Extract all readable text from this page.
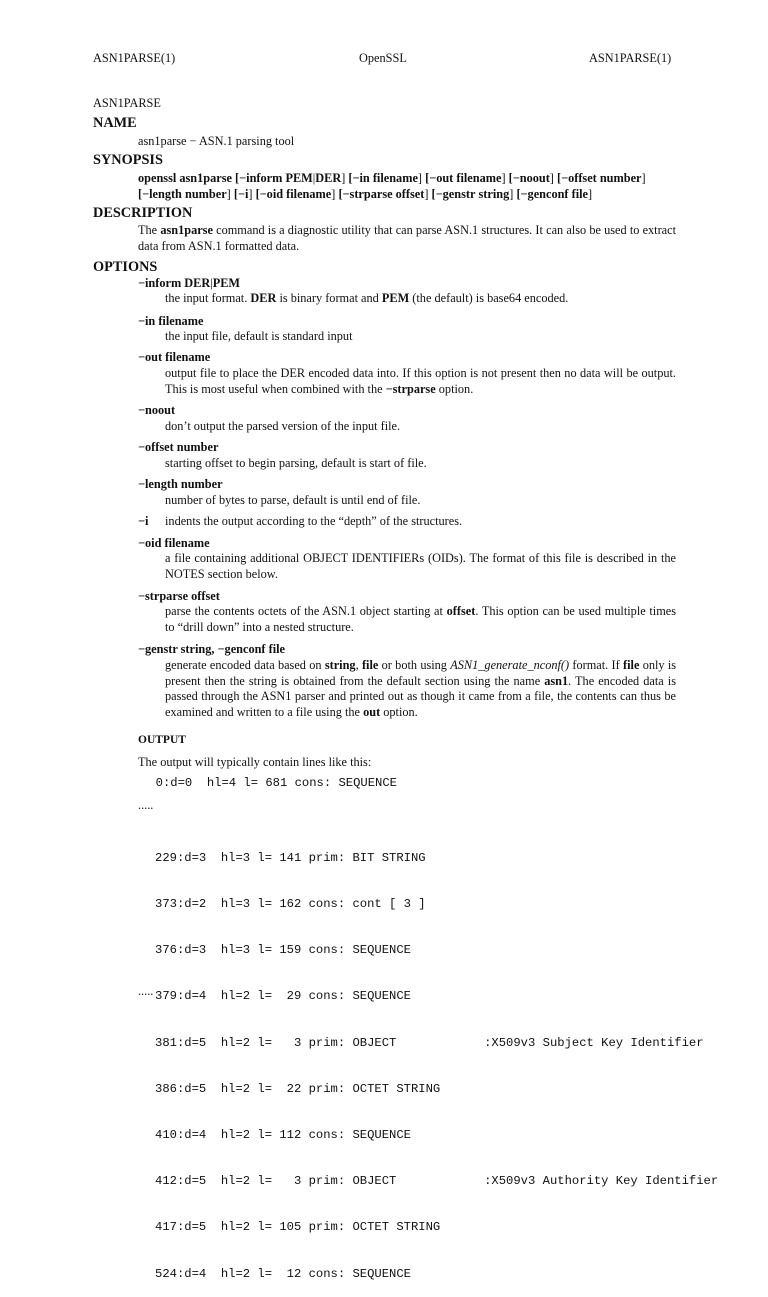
ASN1PARSE(1)	OpenSSL	ASN1PARSE(1)
ASN1PARSE
NAME
asn1parse − ASN.1 parsing tool
SYNOPSIS
openssl asn1parse [−inform PEM|DER] [−in filename] [−out filename] [−noout] [−offset number]
[−length number] [−i] [−oid filename] [−strparse offset] [−genstr string] [−genconf file]
DESCRIPTION
The asn1parse command is a diagnostic utility that can parse ASN.1 structures. It can also be used to extract data from ASN.1 formatted data.
OPTIONS
−inform DER|PEM
the input format. DER is binary format and PEM (the default) is base64 encoded.
−in filename
the input file, default is standard input
−out filename
output file to place the DER encoded data into. If this option is not present then no data will be output. This is most useful when combined with the −strparse option.
−noout
don’t output the parsed version of the input file.
−offset number
starting offset to begin parsing, default is start of file.
−length number
number of bytes to parse, default is until end of file.
−i indents the output according to the “depth” of the structures.
−oid filename
a file containing additional OBJECT IDENTIFIERs (OIDs). The format of this file is described in the NOTES section below.
−strparse offset
parse the contents octets of the ASN.1 object starting at offset. This option can be used multiple times to “drill down” into a nested structure.
−genstr string, −genconf file
generate encoded data based on string, file or both using ASN1_generate_nconf() format. If file only is present then the string is obtained from the default section using the name asn1. The encoded data is passed through the ASN1 parser and printed out as though it came from a file, the contents can thus be examined and written to a file using the out option.
OUTPUT
The output will typically contain lines like this:
0:d=0  hl=4 l= 681 cons: SEQUENCE
.....

229:d=3  hl=3 l= 141 prim: BIT STRING

373:d=2  hl=3 l= 162 cons: cont [ 3 ]

376:d=3  hl=3 l= 159 cons: SEQUENCE

379:d=4  hl=2 l=  29 cons: SEQUENCE

381:d=5  hl=2 l=   3 prim: OBJECT            :X509v3 Subject Key Identifier

386:d=5  hl=2 l=  22 prim: OCTET STRING

410:d=4  hl=2 l= 112 cons: SEQUENCE

412:d=5  hl=2 l=   3 prim: OBJECT            :X509v3 Authority Key Identifier

417:d=5  hl=2 l= 105 prim: OCTET STRING

524:d=4  hl=2 l=  12 cons: SEQUENCE

.....
